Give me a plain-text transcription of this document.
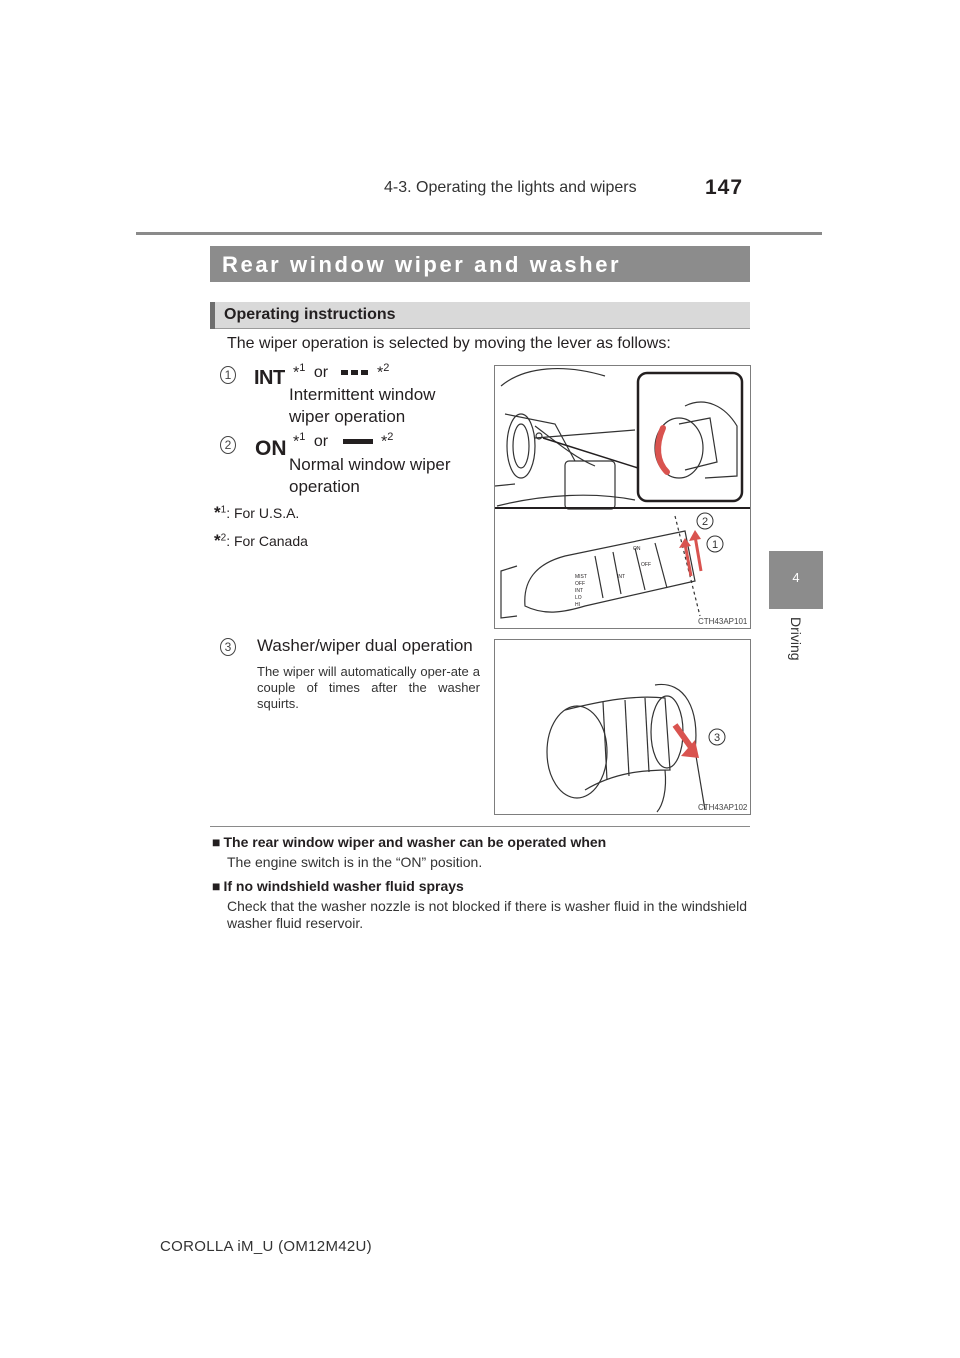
4-3. Operating the lights and wipers	147
4
Driving
Rear window wiper and washer
Operating instructions
The wiper operation is selected by moving the lever as follows:
1 INT *$^1$ or	*$^2$
Intermittent window
wiper operation
2 ON *$^1$ or	*$^2$
Normal window wiper
operation
*$^1$: For U.S.A.
*$^2$: For Canada
MIST
OFF
INT
LO
HI
INT
OFF
ON
2
1
CTH43AP101
3 Washer/wiper dual operation
The wiper will automatically oper-ate a couple of times after the washer squirts.
3
CTH43AP102
■ The rear window wiper and washer can be operated when
The engine switch is in the “ON” position.
■ If no windshield washer fluid sprays
Check that the washer nozzle is not blocked if there is washer fluid in the windshield washer fluid reservoir.
COROLLA iM_U (OM12M42U)
